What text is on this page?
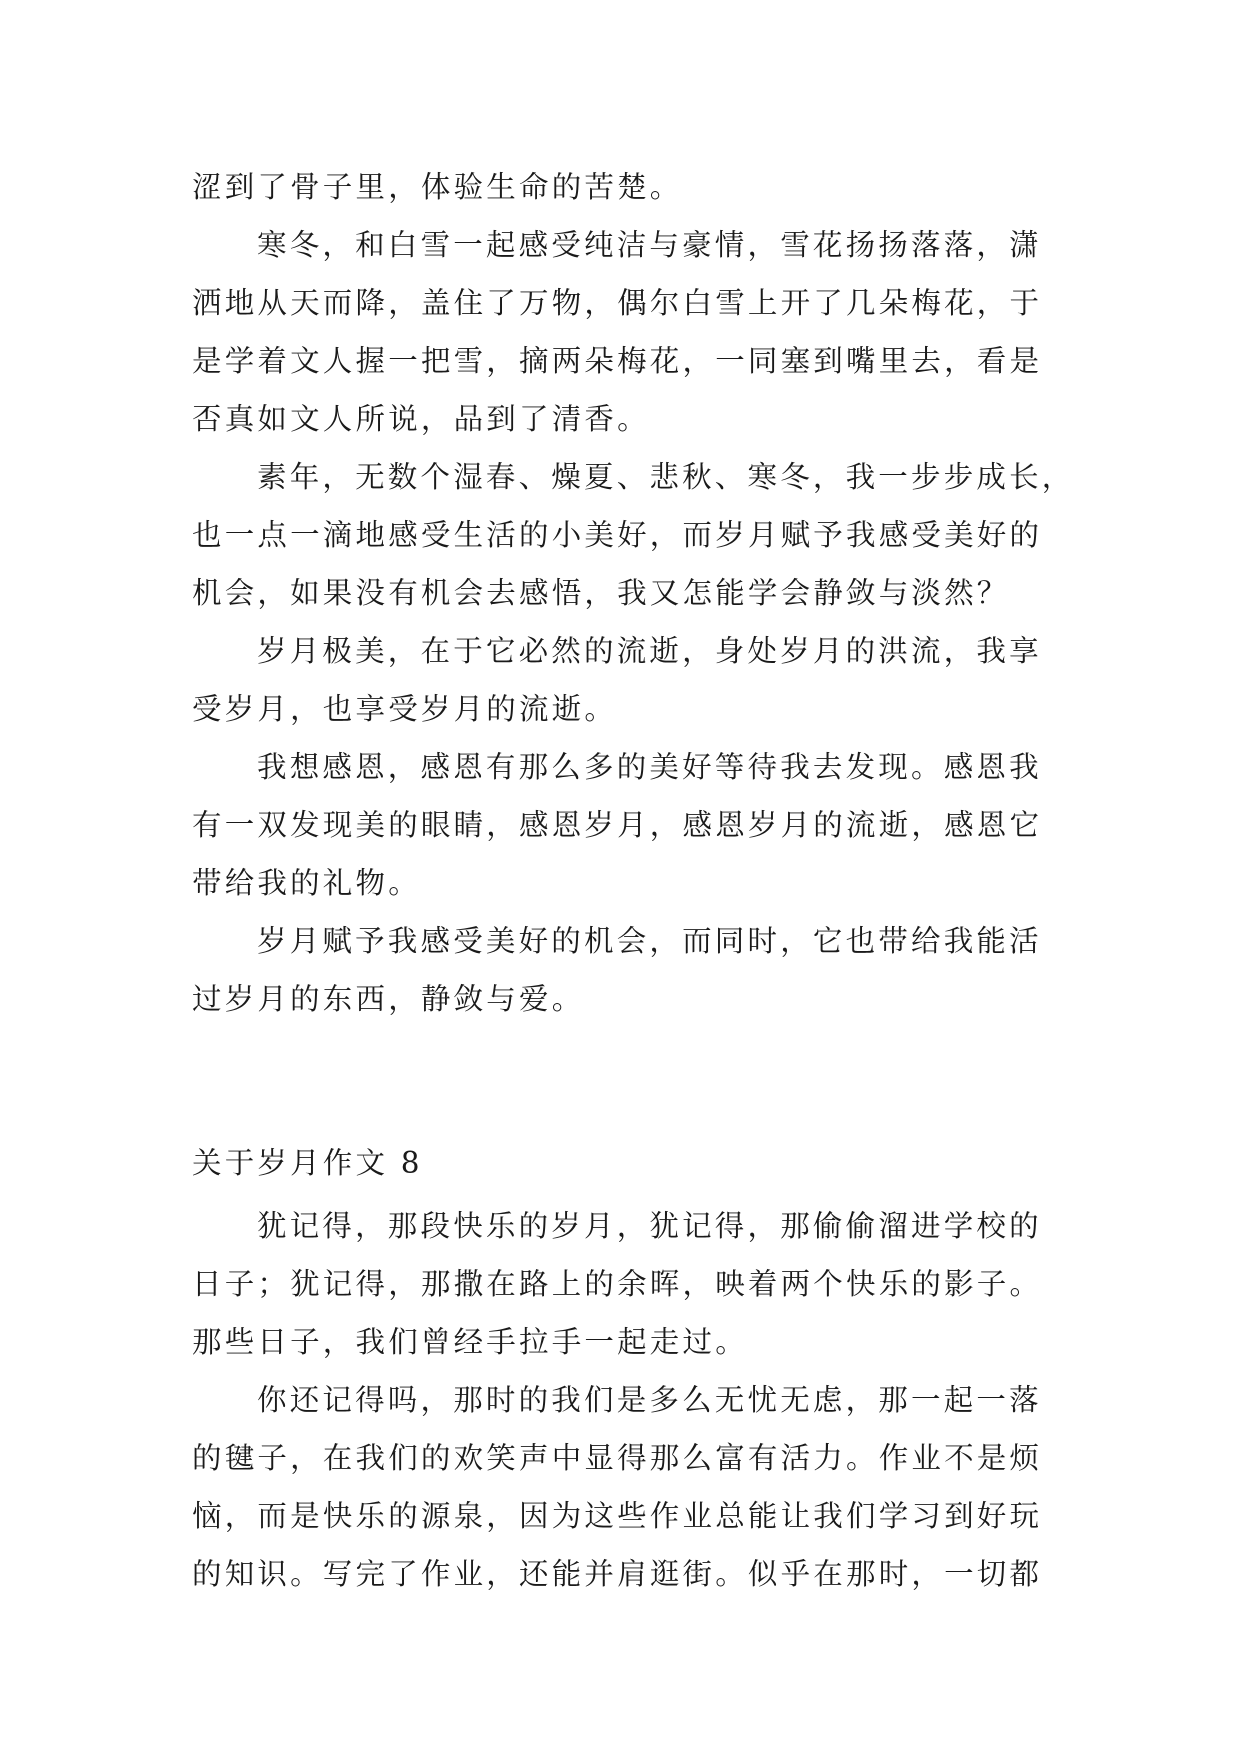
涩到了骨子里，体验生命的苦楚。
寒冬，和白雪一起感受纯洁与豪情，雪花扬扬落落，潇
洒地从天而降，盖住了万物，偶尔白雪上开了几朵梅花，于
是学着文人握一把雪，摘两朵梅花，一同塞到嘴里去，看是
否真如文人所说，品到了清香。
素年，无数个湿春、燥夏、悲秋、寒冬，我一步步成长，
也一点一滴地感受生活的小美好，而岁月赋予我感受美好的
机会，如果没有机会去感悟，我又怎能学会静敛与淡然？
岁月极美，在于它必然的流逝，身处岁月的洪流，我享
受岁月，也享受岁月的流逝。
我想感恩，感恩有那么多的美好等待我去发现。感恩我
有一双发现美的眼睛，感恩岁月，感恩岁月的流逝，感恩它
带给我的礼物。
岁月赋予我感受美好的机会，而同时，它也带给我能活
过岁月的东西，静敛与爱。
关于岁月作文 8
犹记得，那段快乐的岁月，犹记得，那偷偷溜进学校的
日子；犹记得，那撒在路上的余晖，映着两个快乐的影子。
那些日子，我们曾经手拉手一起走过。
你还记得吗，那时的我们是多么无忧无虑，那一起一落
的毽子，在我们的欢笑声中显得那么富有活力。作业不是烦
恼，而是快乐的源泉，因为这些作业总能让我们学习到好玩
的知识。写完了作业，还能并肩逛街。似乎在那时，一切都
